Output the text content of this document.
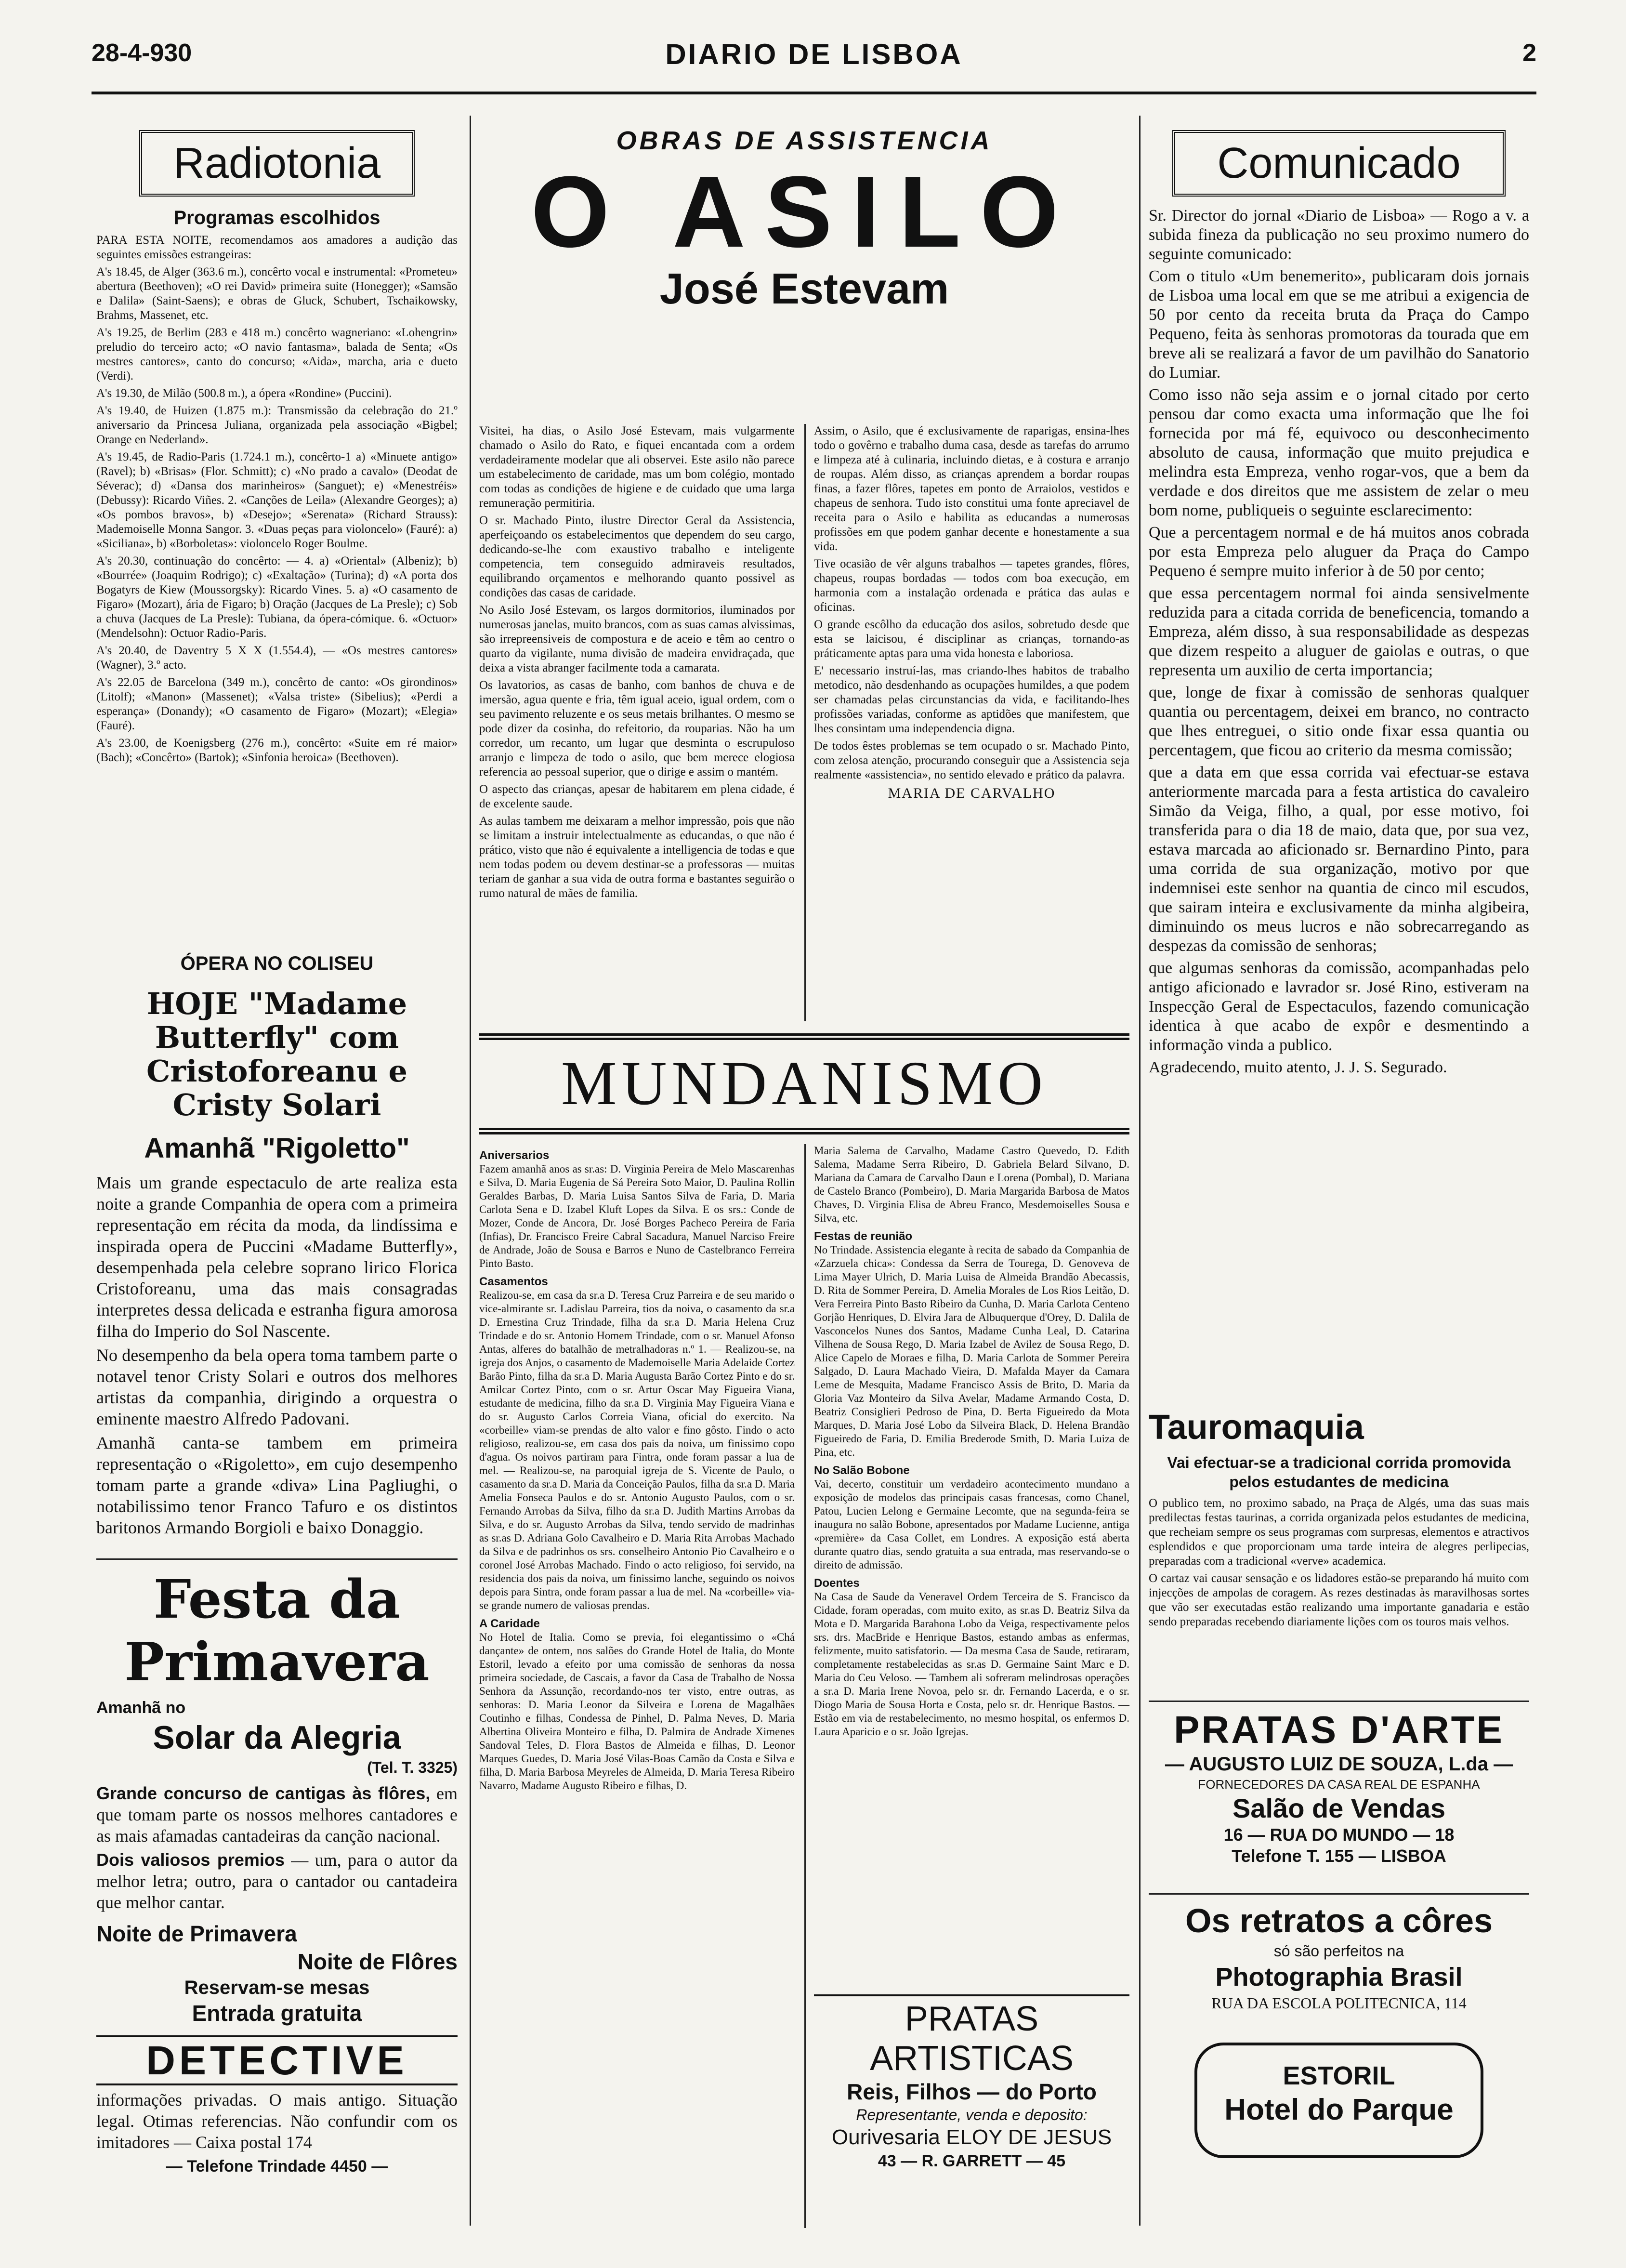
28-4-930	DIARIO DE LISBOA	2
Radiotonia
Programas escolhidos

PARA ESTA NOITE, recomendamos aos amadores a audição das seguintes emissões estrangeiras:

A's 18.45, de Alger (363.6 m.), concêrto vocal e instrumental: «Prometeu» abertura (Beethoven); «O rei David» primeira suite (Honegger); «Samsão e Dalila» (Saint-Saens); e obras de Gluck, Schubert, Tschaikowsky, Brahms, Massenet, etc.

A's 19.25, de Berlim (283 e 418 m.) concêrto wagneriano: «Lohengrin» preludio do terceiro acto; «O navio fantasma», balada de Senta; «Os mestres cantores», canto do concurso; «Aida», marcha, aria e dueto (Verdi).

A's 19.30, de Milão (500.8 m.), a ópera «Rondine» (Puccini).

A's 19.40, de Huizen (1.875 m.): Transmissão da celebração do 21.º aniversario da Princesa Juliana, organizada pela associação «Bigbel; Orange en Nederland».

A's 19.45, de Radio-Paris (1.724.1 m.), concêrto-1 a) «Minuete antigo» (Ravel); b) «Brisas» (Flor. Schmitt); c) «No prado a cavalo» (Deodat de Séverac); d) «Dansa dos marinheiros» (Sanguet); e) «Menestréis» (Debussy): Ricardo Viñes. 2. «Canções de Leila» (Alexandre Georges); a) «Os pombos bravos», b) «Desejo»; «Serenata» (Richard Strauss): Mademoiselle Monna Sangor. 3. «Duas peças para violoncelo» (Fauré): a) «Siciliana», b) «Borboletas»: violoncelo Roger Boulme.

A's 20.30, continuação do concêrto: — 4. a) «Oriental» (Albeniz); b) «Bourrée» (Joaquim Rodrigo); c) «Exaltação» (Turina); d) «A porta dos Bogatyrs de Kiew (Moussorgsky): Ricardo Vines. 5. a) «O casamento de Figaro» (Mozart), ária de Figaro; b) Oração (Jacques de La Presle); c) Sob a chuva (Jacques de La Presle): Tubiana, da ópera-cómique. 6. «Octuor» (Mendelsohn): Octuor Radio-Paris.

A's 20.40, de Daventry 5 X X (1.554.4), — «Os mestres cantores» (Wagner), 3.º acto.

A's 22.05 de Barcelona (349 m.), concêrto de canto: «Os girondinos» (Litolf); «Manon» (Massenet); «Valsa triste» (Sibelius); «Perdi a esperança» (Donandy); «O casamento de Figaro» (Mozart); «Elegia» (Fauré).

A's 23.00, de Koenigsberg (276 m.), concêrto: «Suite em ré maior» (Bach); «Concêrto» (Bartok); «Sinfonia heroica» (Beethoven).

ÓPERA NO COLISEU
HOJE "Madame Butterfly" com Cristoforeanu e Cristy Solari
Amanhã "Rigoletto"

Mais um grande espectaculo de arte realiza esta noite a grande Companhia de opera com a primeira representação em récita da moda, da lindíssima e inspirada opera de Puccini «Madame Butterfly», desempenhada pela celebre soprano lirico Florica Cristoforeanu, uma das mais consagradas interpretes dessa delicada e estranha figura amorosa filha do Imperio do Sol Nascente.

No desempenho da bela opera toma tambem parte o notavel tenor Cristy Solari e outros dos melhores artistas da companhia, dirigindo a orquestra o eminente maestro Alfredo Padovani.

Amanhã canta-se tambem em primeira representação o «Rigoletto», em cujo desempenho tomam parte a grande «diva» Lina Pagliughi, o notabilissimo tenor Franco Tafuro e os distintos baritonos Armando Borgioli e baixo Donaggio.

Festa da Primavera
Amanhã no
Solar da Alegria
(Tel. T. 3325)

Grande concurso de cantigas às flôres, em que tomam parte os nossos melhores cantadores e as mais afamadas cantadeiras da canção nacional.

Dois valiosos premios — um, para o autor da melhor letra; outro, para o cantador ou cantadeira que melhor cantar.

Noite de Primavera
Noite de Flôres
Reservam-se mesas
Entrada gratuita
DETECTIVE

informações privadas. O mais antigo. Situação legal. Otimas referencias. Não confundir com os imitadores — Caixa postal 174

— Telefone Trindade 4450 —
OBRAS DE ASSISTENCIA
O ASILO
José Estevam

Visitei, ha dias, o Asilo José Estevam, mais vulgarmente chamado o Asilo do Rato, e fiquei encantada com a ordem verdadeiramente modelar que ali observei. Este asilo não parece um estabelecimento de caridade, mas um bom colégio, montado com todas as condições de higiene e de cuidado que uma larga remuneração permitiria.

O sr. Machado Pinto, ilustre Director Geral da Assistencia, aperfeiçoando os estabelecimentos que dependem do seu cargo, dedicando-se-lhe com exaustivo trabalho e inteligente competencia, tem conseguido admiraveis resultados, equilibrando orçamentos e melhorando quanto possivel as condições das casas de caridade.

No Asilo José Estevam, os largos dormitorios, iluminados por numerosas janelas, muito brancos, com as suas camas alvissimas, são irrepreensiveis de compostura e de aceio e têm ao centro o quarto da vigilante, numa divisão de madeira envidraçada, que deixa a vista abranger facilmente toda a camarata.

Os lavatorios, as casas de banho, com banhos de chuva e de imersão, agua quente e fria, têm igual aceio, igual ordem, com o seu pavimento reluzente e os seus metais brilhantes. O mesmo se pode dizer da cosinha, do refeitorio, da rouparias. Não ha um corredor, um recanto, um lugar que desminta o escrupuloso arranjo e limpeza de todo o asilo, que bem merece elogiosa referencia ao pessoal superior, que o dirige e assim o mantém.

O aspecto das crianças, apesar de habitarem em plena cidade, é de excelente saude.

As aulas tambem me deixaram a melhor impressão, pois que não se limitam a instruir intelectualmente as educandas, o que não é prático, visto que não é equivalente a intelligencia de todas e que nem todas podem ou devem destinar-se a professoras — muitas teriam de ganhar a sua vida de outra forma e bastantes seguirão o rumo natural de mães de familia.

Assim, o Asilo, que é exclusivamente de raparigas, ensina-lhes todo o govêrno e trabalho duma casa, desde as tarefas do arrumo e limpeza até à culinaria, incluindo dietas, e à costura e arranjo de roupas. Além disso, as crianças aprendem a bordar roupas finas, a fazer flôres, tapetes em ponto de Arraiolos, vestidos e chapeus de senhora. Tudo isto constitui uma fonte apreciavel de receita para o Asilo e habilita as educandas a numerosas profissões em que podem ganhar decente e honestamente a sua vida.

Tive ocasião de vêr alguns trabalhos — tapetes grandes, flôres, chapeus, roupas bordadas — todos com boa execução, em harmonia com a instalação ordenada e prática das aulas e oficinas.

O grande escôlho da educação dos asilos, sobretudo desde que esta se laicisou, é disciplinar as crianças, tornando-as práticamente aptas para uma vida honesta e laboriosa.

E' necessario instruí-las, mas criando-lhes habitos de trabalho metodico, não desdenhando as ocupações humildes, a que podem ser chamadas pelas circunstancias da vida, e facilitando-lhes profissões variadas, conforme as aptidões que manifestem, que lhes consintam uma independencia digna.

De todos êstes problemas se tem ocupado o sr. Machado Pinto, com zelosa atenção, procurando conseguir que a Assistencia seja realmente «assistencia», no sentido elevado e prático da palavra.

MARIA DE CARVALHO
MUNDANISMO
Aniversarios

Fazem amanhã anos as sr.as: D. Virginia Pereira de Melo Mascarenhas e Silva, D. Maria Eugenia de Sá Pereira Soto Maior, D. Paulina Rollin Geraldes Barbas, D. Maria Luisa Santos Silva de Faria, D. Maria Carlota Sena e D. Izabel Kluft Lopes da Silva. E os srs.: Conde de Mozer, Conde de Ancora, Dr. José Borges Pacheco Pereira de Faria (Infias), Dr. Francisco Freire Cabral Sacadura, Manuel Narciso Freire de Andrade, João de Sousa e Barros e Nuno de Castelbranco Ferreira Pinto Basto.

Casamentos

Realizou-se, em casa da sr.a D. Teresa Cruz Parreira e de seu marido o vice-almirante sr. Ladislau Parreira, tios da noiva, o casamento da sr.a D. Ernestina Cruz Trindade, filha da sr.a D. Maria Helena Cruz Trindade e do sr. Antonio Homem Trindade, com o sr. Manuel Afonso Antas, alferes do batalhão de metralhadoras n.º 1. — Realizou-se, na igreja dos Anjos, o casamento de Mademoiselle Maria Adelaide Cortez Barão Pinto, filha da sr.a D. Maria Augusta Barão Cortez Pinto e do sr. Amilcar Cortez Pinto, com o sr. Artur Oscar May Figueira Viana, estudante de medicina, filho da sr.a D. Virginia May Figueira Viana e do sr. Augusto Carlos Correia Viana, oficial do exercito. Na «corbeille» viam-se prendas de alto valor e fino gôsto. Findo o acto religioso, realizou-se, em casa dos pais da noiva, um finissimo copo d'agua. Os noivos partiram para Fintra, onde foram passar a lua de mel. — Realizou-se, na paroquial igreja de S. Vicente de Paulo, o casamento da sr.a D. Maria da Conceição Paulos, filha da sr.a D. Maria Amelia Fonseca Paulos e do sr. Antonio Augusto Paulos, com o sr. Fernando Arrobas da Silva, filho da sr.a D. Judith Martins Arrobas da Silva, e do sr. Augusto Arrobas da Silva, tendo servido de madrinhas as sr.as D. Adriana Golo Cavalheiro e D. Maria Rita Arrobas Machado da Silva e de padrinhos os srs. conselheiro Antonio Pio Cavalheiro e o coronel José Arrobas Machado. Findo o acto religioso, foi servido, na residencia dos pais da noiva, um finissimo lanche, seguindo os noivos depois para Sintra, onde foram passar a lua de mel. Na «corbeille» via-se grande numero de valiosas prendas.

A Caridade

No Hotel de Italia. Como se previa, foi elegantissimo o «Chá dançante» de ontem, nos salões do Grande Hotel de Italia, do Monte Estoril, levado a efeito por uma comissão de senhoras da nossa primeira sociedade, de Cascais, a favor da Casa de Trabalho de Nossa Senhora da Assunção, recordando-nos ter visto, entre outras, as senhoras: D. Maria Leonor da Silveira e Lorena de Magalhães Coutinho e filhas, Condessa de Pinhel, D. Palma Neves, D. Maria Albertina Oliveira Monteiro e filha, D. Palmira de Andrade Ximenes Sandoval Teles, D. Flora Bastos de Almeida e filhas, D. Leonor Marques Guedes, D. Maria José Vilas-Boas Camão da Costa e Silva e filha, D. Maria Barbosa Meyreles de Almeida, D. Maria Teresa Ribeiro Navarro, Madame Augusto Ribeiro e filhas, D.

Maria Salema de Carvalho, Madame Castro Quevedo, D. Edith Salema, Madame Serra Ribeiro, D. Gabriela Belard Silvano, D. Mariana da Camara de Carvalho Daun e Lorena (Pombal), D. Mariana de Castelo Branco (Pombeiro), D. Maria Margarida Barbosa de Matos Chaves, D. Virginia Elisa de Abreu Franco, Mesdemoiselles Sousa e Silva, etc.

Festas de reunião

No Trindade. Assistencia elegante à recita de sabado da Companhia de «Zarzuela chica»: Condessa da Serra de Tourega, D. Genoveva de Lima Mayer Ulrich, D. Maria Luisa de Almeida Brandão Abecassis, D. Rita de Sommer Pereira, D. Amelia Morales de Los Rios Leitão, D. Vera Ferreira Pinto Basto Ribeiro da Cunha, D. Maria Carlota Centeno Gorjão Henriques, D. Elvira Jara de Albuquerque d'Orey, D. Dalila de Vasconcelos Nunes dos Santos, Madame Cunha Leal, D. Catarina Vilhena de Sousa Rego, D. Maria Izabel de Avilez de Sousa Rego, D. Alice Capelo de Moraes e filha, D. Maria Carlota de Sommer Pereira Salgado, D. Laura Machado Vieira, D. Mafalda Mayer da Camara Leme de Mesquita, Madame Francisco Assis de Brito, D. Maria da Gloria Vaz Monteiro da Silva Avelar, Madame Armando Costa, D. Beatriz Consiglieri Pedroso de Pina, D. Berta Figueiredo da Mota Marques, D. Maria José Lobo da Silveira Black, D. Helena Brandão Figueiredo de Faria, D. Emilia Brederode Smith, D. Maria Luiza de Pina, etc.

No Salão Bobone

Vai, decerto, constituir um verdadeiro acontecimento mundano a exposição de modelos das principais casas francesas, como Chanel, Patou, Lucien Lelong e Germaine Lecomte, que na segunda-feira se inaugura no salão Bobone, apresentados por Madame Lucienne, antiga «première» da Casa Collet, em Londres. A exposição está aberta durante quatro dias, sendo gratuita a sua entrada, mas reservando-se o direito de admissão.

Doentes

Na Casa de Saude da Veneravel Ordem Terceira de S. Francisco da Cidade, foram operadas, com muito exito, as sr.as D. Beatriz Silva da Mota e D. Margarida Barahona Lobo da Veiga, respectivamente pelos srs. drs. MacBride e Henrique Bastos, estando ambas as enfermas, felizmente, muito satisfatorio. — Da mesma Casa de Saude, retiraram, completamente restabelecidas as sr.as D. Germaine Saint Marc e D. Maria do Ceu Veloso. — Tambem ali sofreram melindrosas operações a sr.a D. Maria Irene Novoa, pelo sr. dr. Fernando Lacerda, e o sr. Diogo Maria de Sousa Horta e Costa, pelo sr. dr. Henrique Bastos. — Estão em via de restabelecimento, no mesmo hospital, os enfermos D. Laura Aparicio e o sr. João Igrejas.

PRATAS ARTISTICAS
Reis, Filhos — do Porto
Representante, venda e deposito:
Ourivesaria ELOY DE JESUS
43 — R. GARRETT — 45
Comunicado

Sr. Director do jornal «Diario de Lisboa» — Rogo a v. a subida fineza da publicação no seu proximo numero do seguinte comunicado:

Com o titulo «Um benemerito», publicaram dois jornais de Lisboa uma local em que se me atribui a exigencia de 50 por cento da receita bruta da Praça do Campo Pequeno, feita às senhoras promotoras da tourada que em breve ali se realizará a favor de um pavilhão do Sanatorio do Lumiar.

Como isso não seja assim e o jornal citado por certo pensou dar como exacta uma informação que lhe foi fornecida por má fé, equivoco ou desconhecimento absoluto de causa, informação que muito prejudica e melindra esta Empreza, venho rogar-vos, que a bem da verdade e dos direitos que me assistem de zelar o meu bom nome, publiqueis o seguinte esclarecimento:

Que a percentagem normal e de há muitos anos cobrada por esta Empreza pelo aluguer da Praça do Campo Pequeno é sempre muito inferior à de 50 por cento;

que essa percentagem normal foi ainda sensivelmente reduzida para a citada corrida de beneficencia, tomando a Empreza, além disso, à sua responsabilidade as despezas que dizem respeito a aluguer de gaiolas e outras, o que representa um auxilio de certa importancia;

que, longe de fixar à comissão de senhoras qualquer quantia ou percentagem, deixei em branco, no contracto que lhes entreguei, o sitio onde fixar essa quantia ou percentagem, que ficou ao criterio da mesma comissão;

que a data em que essa corrida vai efectuar-se estava anteriormente marcada para a festa artistica do cavaleiro Simão da Veiga, filho, a qual, por esse motivo, foi transferida para o dia 18 de maio, data que, por sua vez, estava marcada ao aficionado sr. Bernardino Pinto, para uma corrida de sua organização, motivo por que indemnisei este senhor na quantia de cinco mil escudos, que sairam inteira e exclusivamente da minha algibeira, diminuindo os meus lucros e não sobrecarregando as despezas da comissão de senhoras;

que algumas senhoras da comissão, acompanhadas pelo antigo aficionado e lavrador sr. José Rino, estiveram na Inspecção Geral de Espectaculos, fazendo comunicação identica à que acabo de expôr e desmentindo a informação vinda a publico.

Agradecendo, muito atento, J. J. S. Segurado.

Tauromaquia
Vai efectuar-se a tradicional corrida promovida pelos estudantes de medicina

O publico tem, no proximo sabado, na Praça de Algés, uma das suas mais predilectas festas taurinas, a corrida organizada pelos estudantes de medicina, que recheiam sempre os seus programas com surpresas, elementos e atractivos esplendidos e que proporcionam uma tarde inteira de alegres perlipecias, preparadas com a tradicional «verve» academica.

O cartaz vai causar sensação e os lidadores estão-se preparando há muito com injecções de ampolas de coragem. As rezes destinadas às maravilhosas sortes que vão ser executadas estão realizando uma importante ganadaria e estão sendo preparadas recebendo diariamente lições com os touros mais velhos.

PRATAS D'ARTE
— AUGUSTO LUIZ DE SOUZA, L.da —
FORNECEDORES DA CASA REAL DE ESPANHA
Salão de Vendas
16 — RUA DO MUNDO — 18
Telefone T. 155 — LISBOA
Os retratos a côres
só são perfeitos na
Photographia Brasil
RUA DA ESCOLA POLITECNICA, 114
ESTORIL
Hotel do Parque
